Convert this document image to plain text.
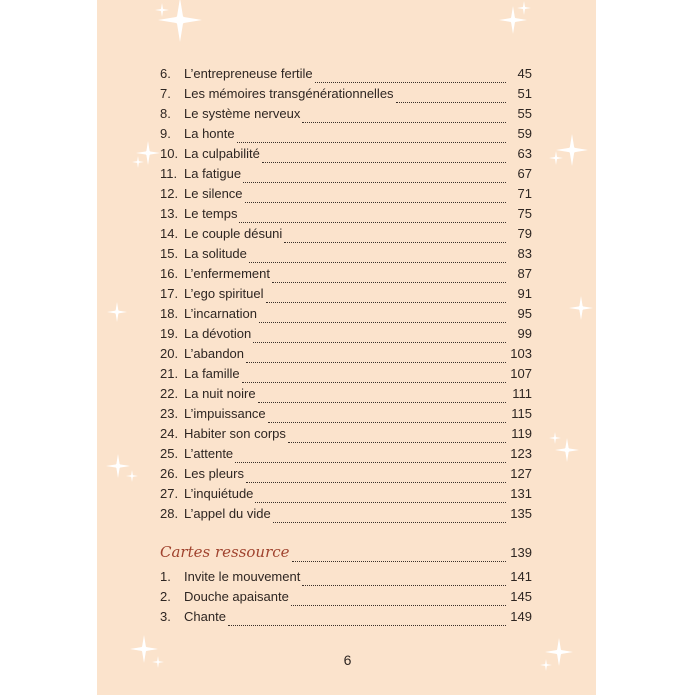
6.	L’entrepreneuse fertile	45
7.	Les mémoires transgénérationnelles	51
8.	Le système nerveux	55
9.	La honte	59
10. La culpabilité	63
11. La fatigue	67
12. Le silence	71
13. Le temps	75
14. Le couple désuni	79
15. La solitude	83
16. L’enfermement	87
17. L’ego spirituel	91
18. L’incarnation	95
19. La dévotion	99
20. L’abandon	103
21. La famille	107
22. La nuit noire	111
23. L’impuissance	115
24. Habiter son corps	119
25. L’attente	123
26. Les pleurs	127
27. L’inquiétude	131
28. L’appel du vide	135
Cartes ressource	139
1.	Invite le mouvement	141
2.	Douche apaisante	145
3.	Chante	149
6
